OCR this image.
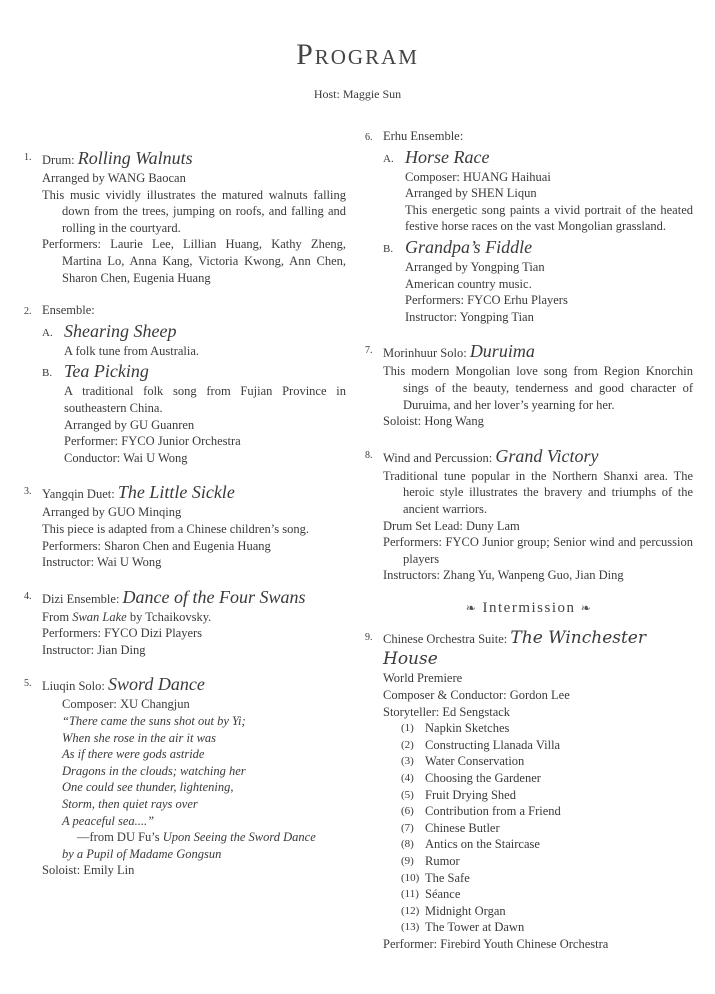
Program
Host: Maggie Sun
1. Drum: Rolling Walnuts
Arranged by WANG Baocan
This music vividly illustrates the matured walnuts falling down from the trees, jumping on roofs, and falling and rolling in the courtyard.
Performers: Laurie Lee, Lillian Huang, Kathy Zheng, Martina Lo, Anna Kang, Victoria Kwong, Ann Chen, Sharon Chen, Eugenia Huang
2. Ensemble:
A. Shearing Sheep
A folk tune from Australia.
B. Tea Picking
A traditional folk song from Fujian Province in southeastern China.
Arranged by GU Guanren
Performer: FYCO Junior Orchestra
Conductor: Wai U Wong
3. Yangqin Duet: The Little Sickle
Arranged by GUO Minqing
This piece is adapted from a Chinese children’s song.
Performers: Sharon Chen and Eugenia Huang
Instructor: Wai U Wong
4. Dizi Ensemble: Dance of the Four Swans
From Swan Lake by Tchaikovsky.
Performers: FYCO Dizi Players
Instructor: Jian Ding
5. Liuqin Solo: Sword Dance
Composer: XU Changjun
“There came the suns shot out by Yi;
When she rose in the air it was
As if there were gods astride
Dragons in the clouds; watching her
One could see thunder, lightening,
Storm, then quiet rays over
A peaceful sea....”
—from DU Fu’s Upon Seeing the Sword Dance
by a Pupil of Madame Gongsun
Soloist: Emily Lin
6. Erhu Ensemble:
A. Horse Race
Composer: HUANG Haihuai
Arranged by SHEN Liqun
This energetic song paints a vivid portrait of the heated festive horse races on the vast Mongolian grassland.
B. Grandpa’s Fiddle
Arranged by Yongping Tian
American country music.
Performers: FYCO Erhu Players
Instructor: Yongping Tian
7. Morinhuur Solo: Duruima
This modern Mongolian love song from Region Knorchin sings of the beauty, tenderness and good character of Duruima, and her lover’s yearning for her.
Soloist: Hong Wang
8. Wind and Percussion: Grand Victory
Traditional tune popular in the Northern Shanxi area. The heroic style illustrates the bravery and triumphs of the ancient warriors.
Drum Set Lead: Duny Lam
Performers: FYCO Junior group; Senior wind and percussion players
Instructors: Zhang Yu, Wanpeng Guo, Jian Ding
❧ Intermission ❧
9. Chinese Orchestra Suite: The Winchester House
World Premiere
Composer & Conductor: Gordon Lee
Storyteller: Ed Sengstack
(1) Napkin Sketches
(2) Constructing Llanada Villa
(3) Water Conservation
(4) Choosing the Gardener
(5) Fruit Drying Shed
(6) Contribution from a Friend
(7) Chinese Butler
(8) Antics on the Staircase
(9) Rumor
(10) The Safe
(11) Séance
(12) Midnight Organ
(13) The Tower at Dawn
Performer: Firebird Youth Chinese Orchestra
